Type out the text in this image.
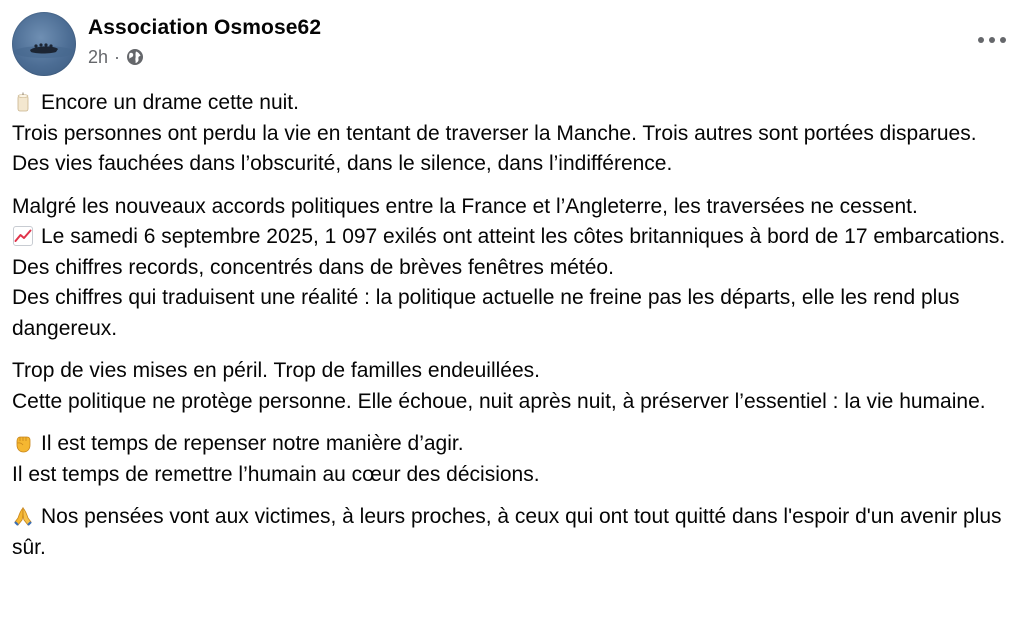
Association Osmose62
2h ·
Encore un drame cette nuit.
Trois personnes ont perdu la vie en tentant de traverser la Manche. Trois autres sont portées disparues. Des vies fauchées dans l’obscurité, dans le silence, dans l’indifférence.
Malgré les nouveaux accords politiques entre la France et l’Angleterre, les traversées ne cessent.
Le samedi 6 septembre 2025, 1 097 exilés ont atteint les côtes britanniques à bord de 17 embarcations.
Des chiffres records, concentrés dans de brèves fenêtres météo.
Des chiffres qui traduisent une réalité : la politique actuelle ne freine pas les départs, elle les rend plus dangereux.
Trop de vies mises en péril. Trop de familles endeuillées.
Cette politique ne protège personne. Elle échoue, nuit après nuit, à préserver l’essentiel : la vie humaine.
Il est temps de repenser notre manière d’agir.
Il est temps de remettre l’humain au cœur des décisions.
Nos pensées vont aux victimes, à leurs proches, à ceux qui ont tout quitté dans l'espoir d'un avenir plus sûr.
